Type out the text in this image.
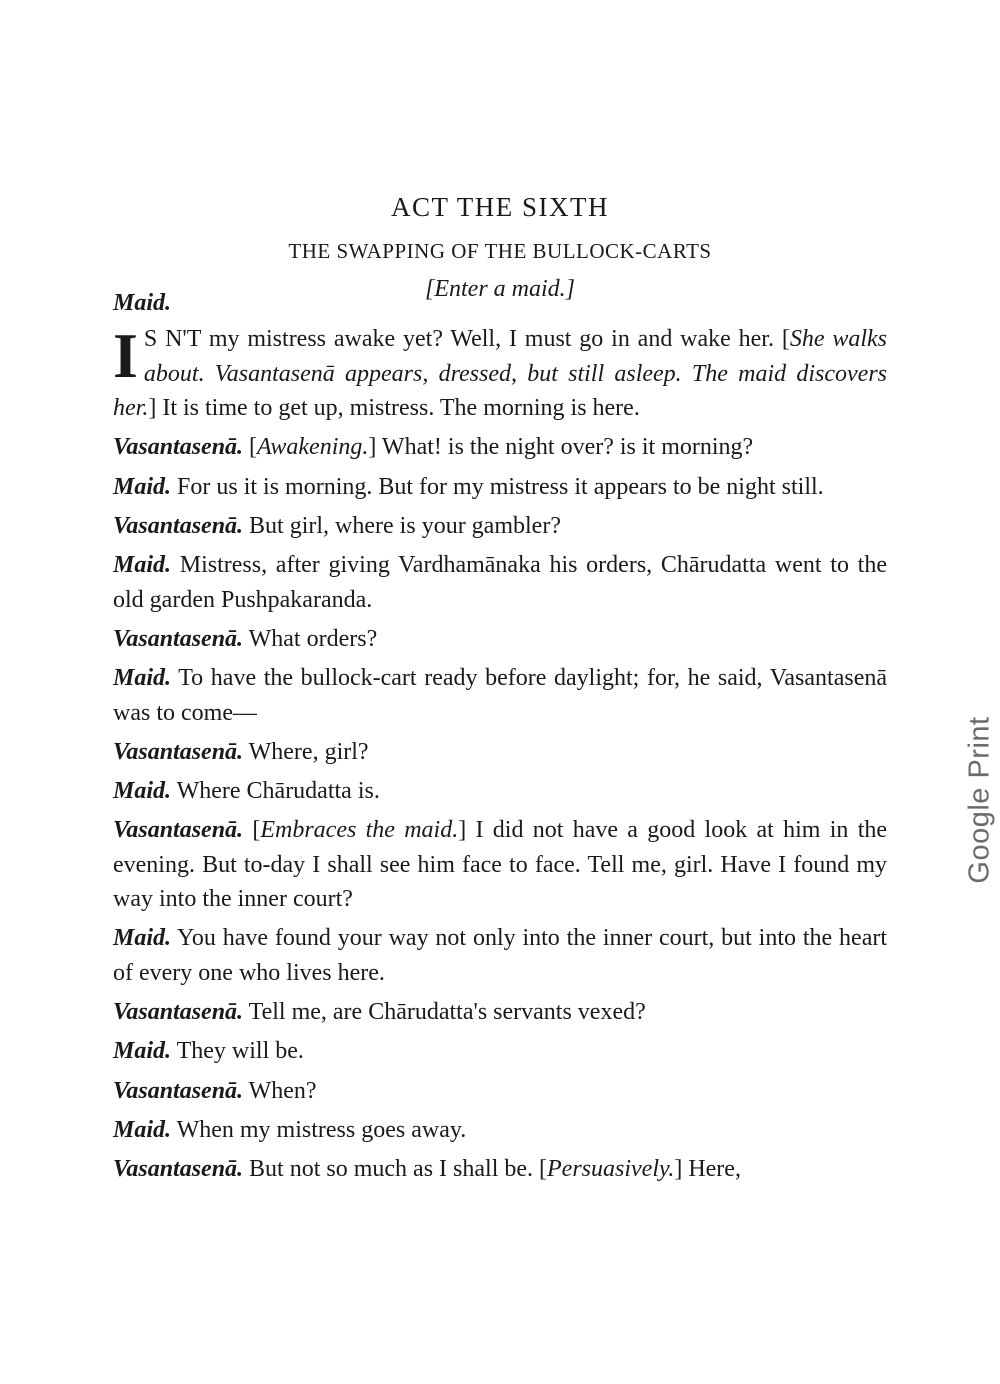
ACT THE SIXTH
THE SWAPPING OF THE BULLOCK-CARTS
[Enter a maid.]
Maid.

I S N'T my mistress awake yet? Well, I must go in and wake her. [She walks about. Vasantasenā appears, dressed, but still asleep. The maid discovers her.] It is time to get up, mistress. The morning is here.

Vasantasenā. [Awakening.] What! is the night over? is it morning?

Maid. For us it is morning. But for my mistress it appears to be night still.

Vasantasenā. But girl, where is your gambler?

Maid. Mistress, after giving Vardhamānaka his orders, Chārudatta went to the old garden Pushpakaranda.

Vasantasenā. What orders?

Maid. To have the bullock-cart ready before daylight; for, he said, Vasantasenā was to come—

Vasantasenā. Where, girl?

Maid. Where Chārudatta is.

Vasantasenā. [Embraces the maid.] I did not have a good look at him in the evening. But to-day I shall see him face to face. Tell me, girl. Have I found my way into the inner court?

Maid. You have found your way not only into the inner court, but into the heart of every one who lives here.

Vasantasenā. Tell me, are Chārudatta's servants vexed?

Maid. They will be.

Vasantasenā. When?

Maid. When my mistress goes away.

Vasantasenā. But not so much as I shall be. [Persuasively.] Here,

Google Print
